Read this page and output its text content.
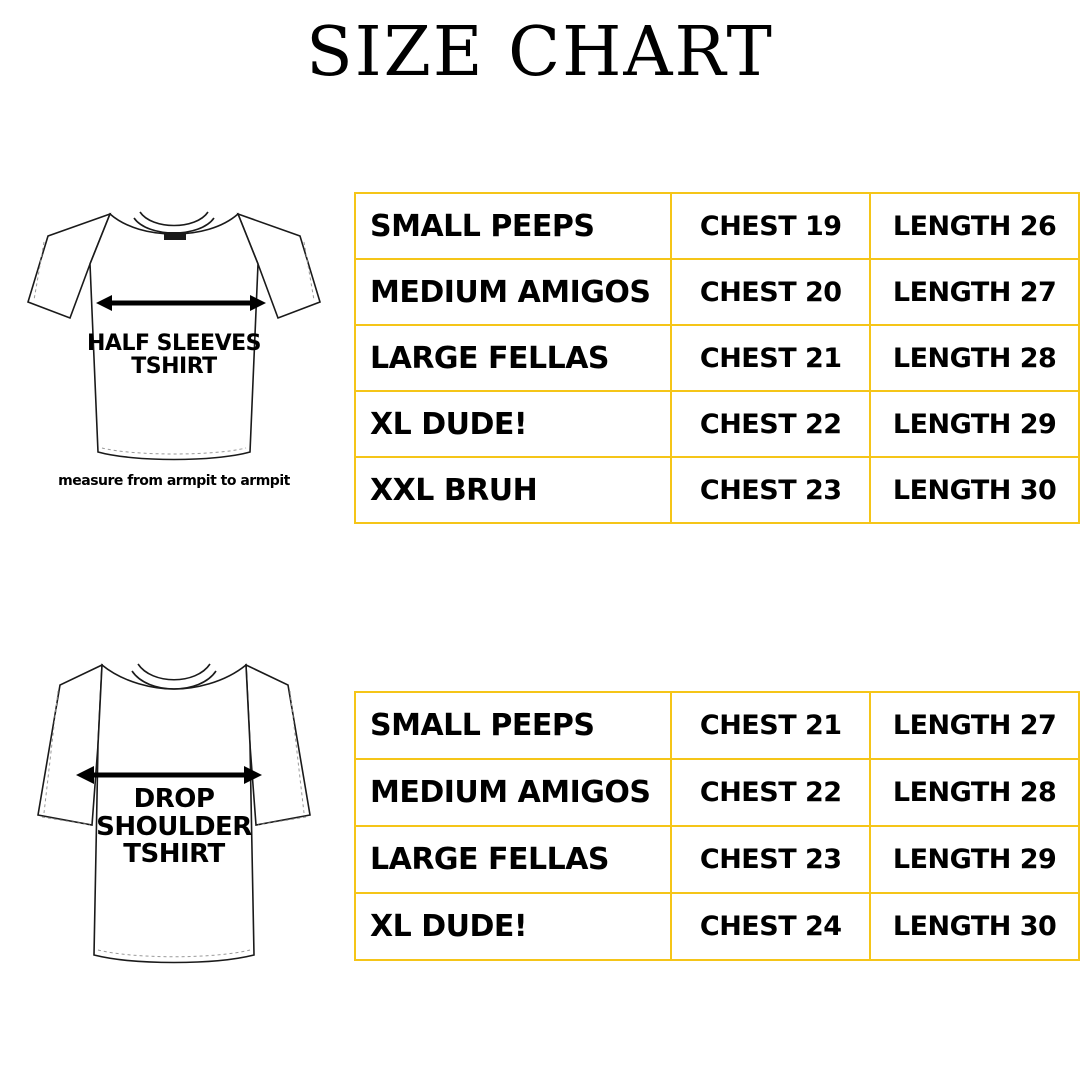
SIZE CHART
HALF SLEEVES
TSHIRT
measure from armpit to armpit
SMALL PEEPS	CHEST 19	LENGTH 26
MEDIUM AMIGOS	CHEST 20	LENGTH 27
LARGE FELLAS	CHEST 21	LENGTH 28
XL DUDE!	CHEST 22	LENGTH 29
XXL BRUH	CHEST 23	LENGTH 30
DROP
SHOULDER
TSHIRT
SMALL PEEPS	CHEST 21	LENGTH 27
MEDIUM AMIGOS	CHEST 22	LENGTH 28
LARGE FELLAS	CHEST 23	LENGTH 29
XL DUDE!	CHEST 24	LENGTH 30
